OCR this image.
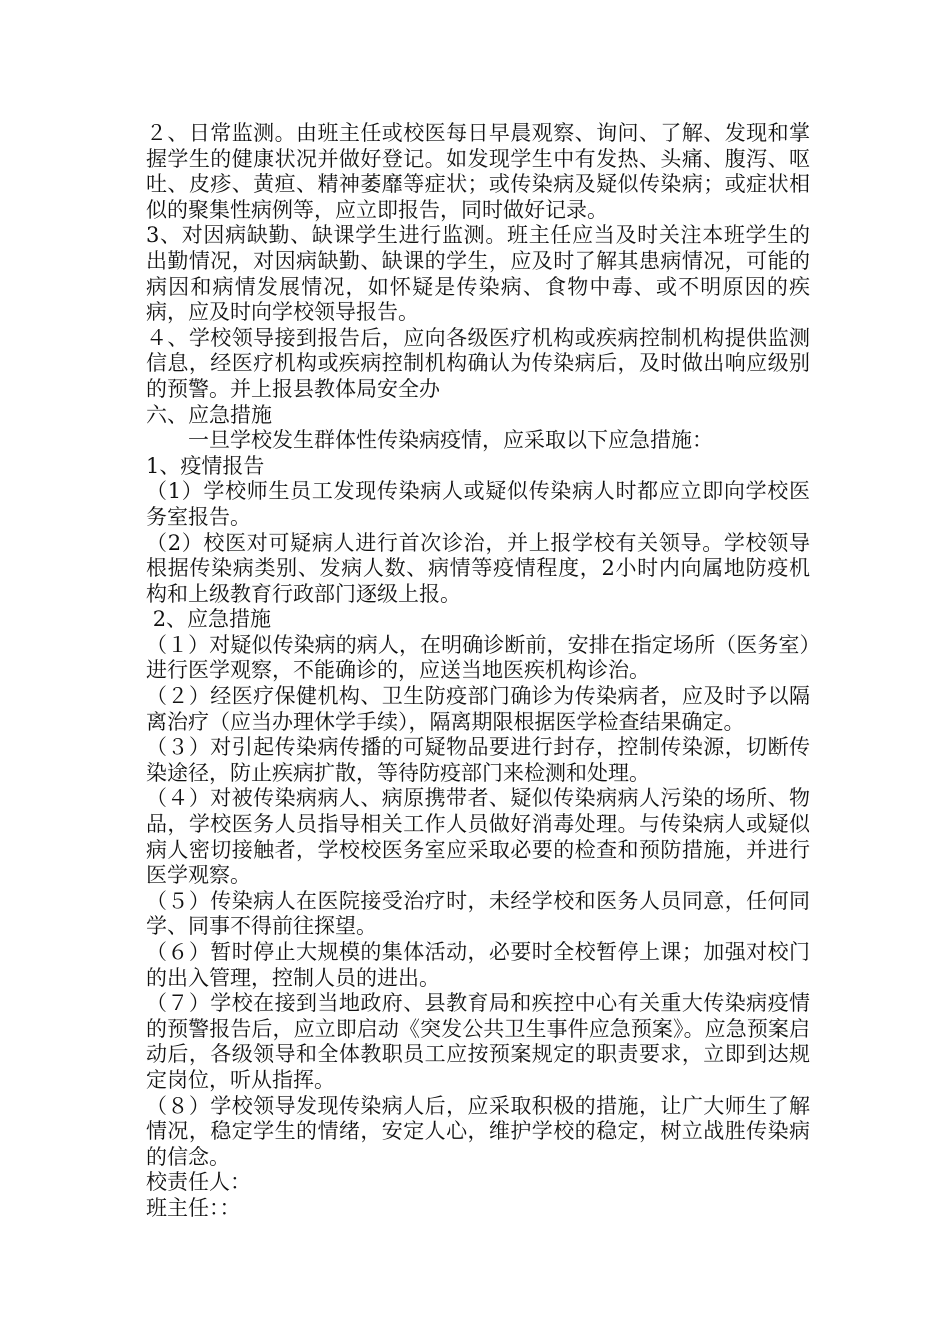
２、日常监测。由班主任或校医每日早晨观察、询问、了解、发现和掌握学生的健康状况并做好登记。如发现学生中有发热、头痛、腹泻、呕吐、皮疹、黄疸、精神萎靡等症状；或传染病及疑似传染病；或症状相似的聚集性病例等，应立即报告，同时做好记录。

3、对因病缺勤、缺课学生进行监测。班主任应当及时关注本班学生的出勤情况，对因病缺勤、缺课的学生，应及时了解其患病情况，可能的病因和病情发展情况，如怀疑是传染病、食物中毒、或不明原因的疾病，应及时向学校领导报告。

４、学校领导接到报告后，应向各级医疗机构或疾病控制机构提供监测信息，经医疗机构或疾病控制机构确认为传染病后，及时做出响应级别的预警。并上报县教体局安全办

六、应急措施

一旦学校发生群体性传染病疫情，应采取以下应急措施：

1、疫情报告

（1）学校师生员工发现传染病人或疑似传染病人时都应立即向学校医务室报告。

（2）校医对可疑病人进行首次诊治，并上报学校有关领导。学校领导根据传染病类别、发病人数、病情等疫情程度，2小时内向属地防疫机构和上级教育行政部门逐级上报。

2、应急措施

（１）对疑似传染病的病人，在明确诊断前，安排在指定场所（医务室）进行医学观察，不能确诊的，应送当地医疾机构诊治。

（２）经医疗保健机构、卫生防疫部门确诊为传染病者，应及时予以隔离治疗（应当办理休学手续），隔离期限根据医学检查结果确定。

（３）对引起传染病传播的可疑物品要进行封存，控制传染源，切断传染途径，防止疾病扩散，等待防疫部门来检测和处理。

（４）对被传染病病人、病原携带者、疑似传染病病人污染的场所、物品，学校医务人员指导相关工作人员做好消毒处理。与传染病人或疑似病人密切接触者，学校校医务室应采取必要的检查和预防措施，并进行医学观察。

（５）传染病人在医院接受治疗时，未经学校和医务人员同意，任何同学、同事不得前往探望。

（６）暂时停止大规模的集体活动，必要时全校暂停上课；加强对校门的出入管理，控制人员的进出。

（７）学校在接到当地政府、县教育局和疾控中心有关重大传染病疫情的预警报告后，应立即启动《突发公共卫生事件应急预案》。应急预案启动后，各级领导和全体教职员工应按预案规定的职责要求，立即到达规定岗位，听从指挥。

（８）学校领导发现传染病人后，应采取积极的措施，让广大师生了解情况，稳定学生的情绪，安定人心，维护学校的稳定，树立战胜传染病的信念。

校责任人：

班主任：：
